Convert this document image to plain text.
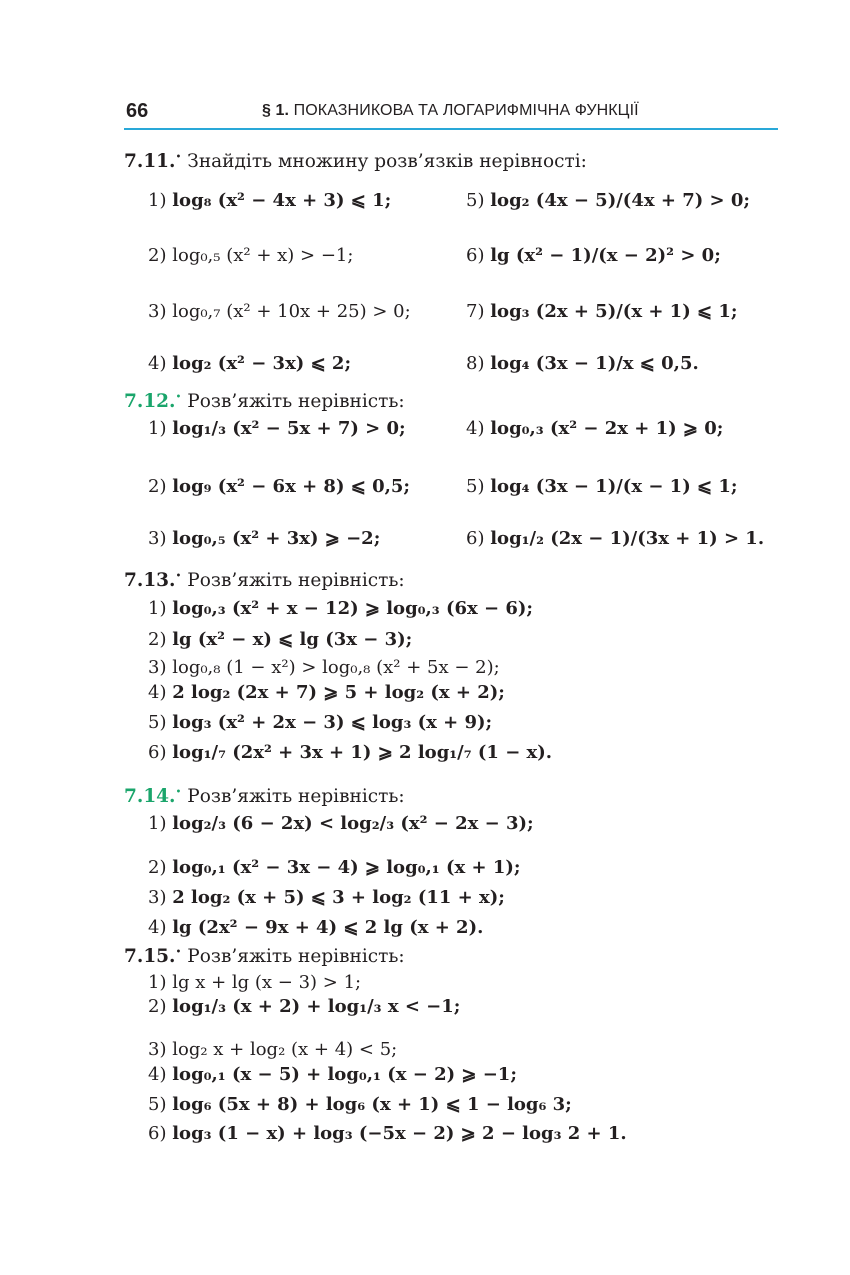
66	§ 1. ПОКАЗНИКОВА ТА ЛОГАРИФМІЧНА ФУНКЦІЇ
7.11.• Знайдіть множину розв’язків нерівності:
1) log₈ (x² − 4x + 3) ⩽ 1;
2) log₀,₅ (x² + x) > −1;
3) log₀,₇ (x² + 10x + 25) > 0;
4) log₂ (x² − 3x) ⩽ 2;
5) log₂ (4x − 5)/(4x + 7) > 0;
6) lg (x² − 1)/(x − 2)² > 0;
7) log₃ (2x + 5)/(x + 1) ⩽ 1;
8) log₄ (3x − 1)/x ⩽ 0,5.
7.12.• Розв’яжіть нерівність:
1) log₁/₃ (x² − 5x + 7) > 0;
2) log₉ (x² − 6x + 8) ⩽ 0,5;
3) log₀,₅ (x² + 3x) ⩾ −2;
4) log₀,₃ (x² − 2x + 1) ⩾ 0;
5) log₄ (3x − 1)/(x − 1) ⩽ 1;
6) log₁/₂ (2x − 1)/(3x + 1) > 1.
7.13.• Розв’яжіть нерівність:
1) log₀,₃ (x² + x − 12) ⩾ log₀,₃ (6x − 6);
2) lg (x² − x) ⩽ lg (3x − 3);
3) log₀,₈ (1 − x²) > log₀,₈ (x² + 5x − 2);
4) 2 log₂ (2x + 7) ⩾ 5 + log₂ (x + 2);
5) log₃ (x² + 2x − 3) ⩽ log₃ (x + 9);
6) log₁/₇ (2x² + 3x + 1) ⩾ 2 log₁/₇ (1 − x).
7.14.• Розв’яжіть нерівність:
1) log₂/₃ (6 − 2x) < log₂/₃ (x² − 2x − 3);
2) log₀,₁ (x² − 3x − 4) ⩾ log₀,₁ (x + 1);
3) 2 log₂ (x + 5) ⩽ 3 + log₂ (11 + x);
4) lg (2x² − 9x + 4) ⩽ 2 lg (x + 2).
7.15.• Розв’яжіть нерівність:
1) lg x + lg (x − 3) > 1;
2) log₁/₃ (x + 2) + log₁/₃ x < −1;
3) log₂ x + log₂ (x + 4) < 5;
4) log₀,₁ (x − 5) + log₀,₁ (x − 2) ⩾ −1;
5) log₆ (5x + 8) + log₆ (x + 1) ⩽ 1 − log₆ 3;
6) log₃ (1 − x) + log₃ (−5x − 2) ⩾ 2 − log₃ 2 + 1.
